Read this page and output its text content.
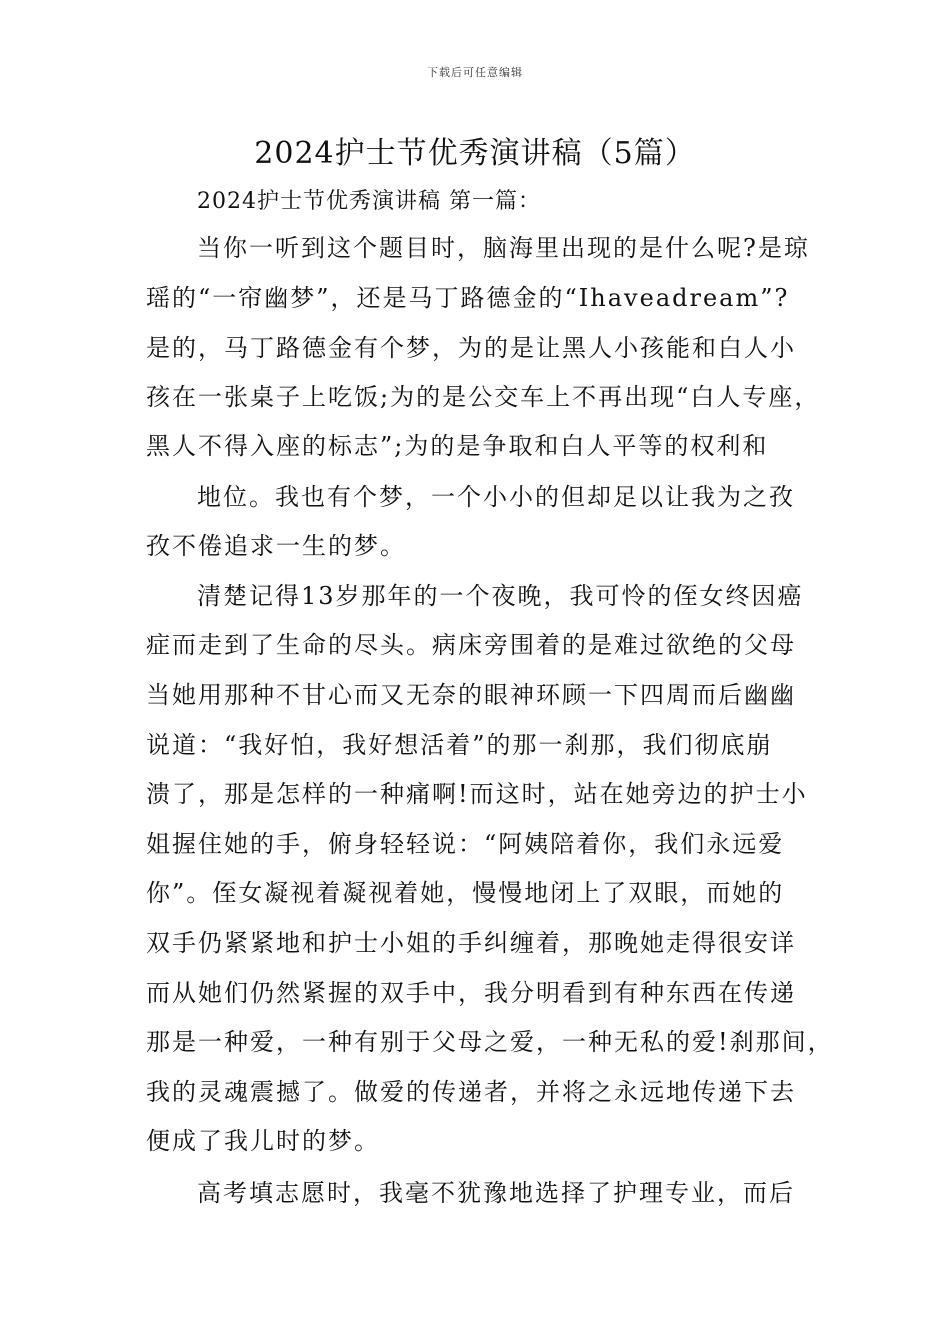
下载后可任意编辑
2024护士节优秀演讲稿（5篇）
2024护士节优秀演讲稿 第一篇：
当你一听到这个题目时，脑海里出现的是什么呢?是琼
瑶的“一帘幽梦”，还是马丁路德金的“Ihaveadream”?
是的，马丁路德金有个梦，为的是让黑人小孩能和白人小
孩在一张桌子上吃饭;为的是公交车上不再出现“白人专座，
黑人不得入座的标志”;为的是争取和白人平等的权利和
地位。我也有个梦，一个小小的但却足以让我为之孜
孜不倦追求一生的梦。
清楚记得13岁那年的一个夜晚，我可怜的侄女终因癌
症而走到了生命的尽头。病床旁围着的是难过欲绝的父母
当她用那种不甘心而又无奈的眼神环顾一下四周而后幽幽
说道：“我好怕，我好想活着”的那一刹那，我们彻底崩
溃了，那是怎样的一种痛啊!而这时，站在她旁边的护士小
姐握住她的手，俯身轻轻说：“阿姨陪着你，我们永远爱
你”。侄女凝视着凝视着她，慢慢地闭上了双眼，而她的
双手仍紧紧地和护士小姐的手纠缠着，那晚她走得很安详
而从她们仍然紧握的双手中，我分明看到有种东西在传递
那是一种爱，一种有别于父母之爱，一种无私的爱!刹那间，
我的灵魂震撼了。做爱的传递者，并将之永远地传递下去
便成了我儿时的梦。
高考填志愿时，我毫不犹豫地选择了护理专业，而后
